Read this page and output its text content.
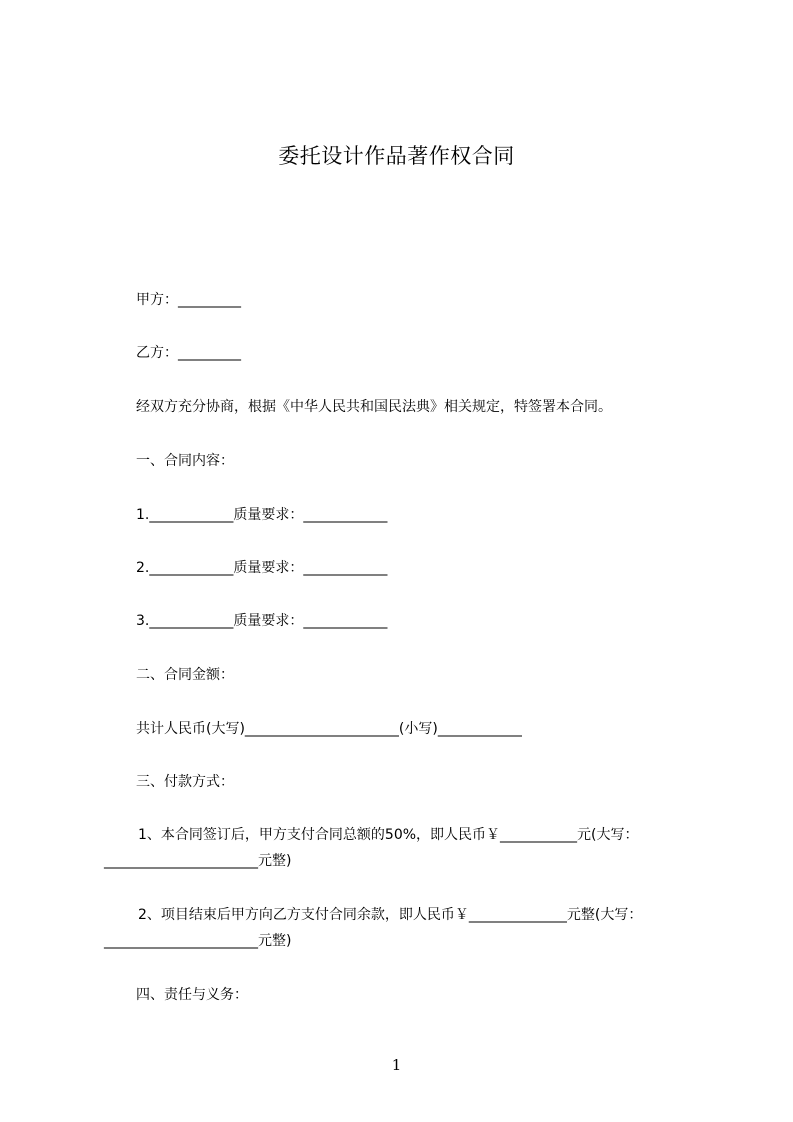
委托设计作品著作权合同
甲方：_________
乙方：_________
经双方充分协商，根据《中华人民共和国民法典》相关规定，特签署本合同。
一、合同内容：
1.____________质量要求：____________
2.____________质量要求：____________
3.____________质量要求：____________
二、合同金额：
共计人民币(大写)______________________(小写)____________
三、付款方式：
1、本合同签订后，甲方支付合同总额的50%，即人民币￥___________元(大写：
______________________元整)
2、项目结束后甲方向乙方支付合同余款，即人民币￥______________元整(大写：
______________________元整)
四、责任与义务：
1
